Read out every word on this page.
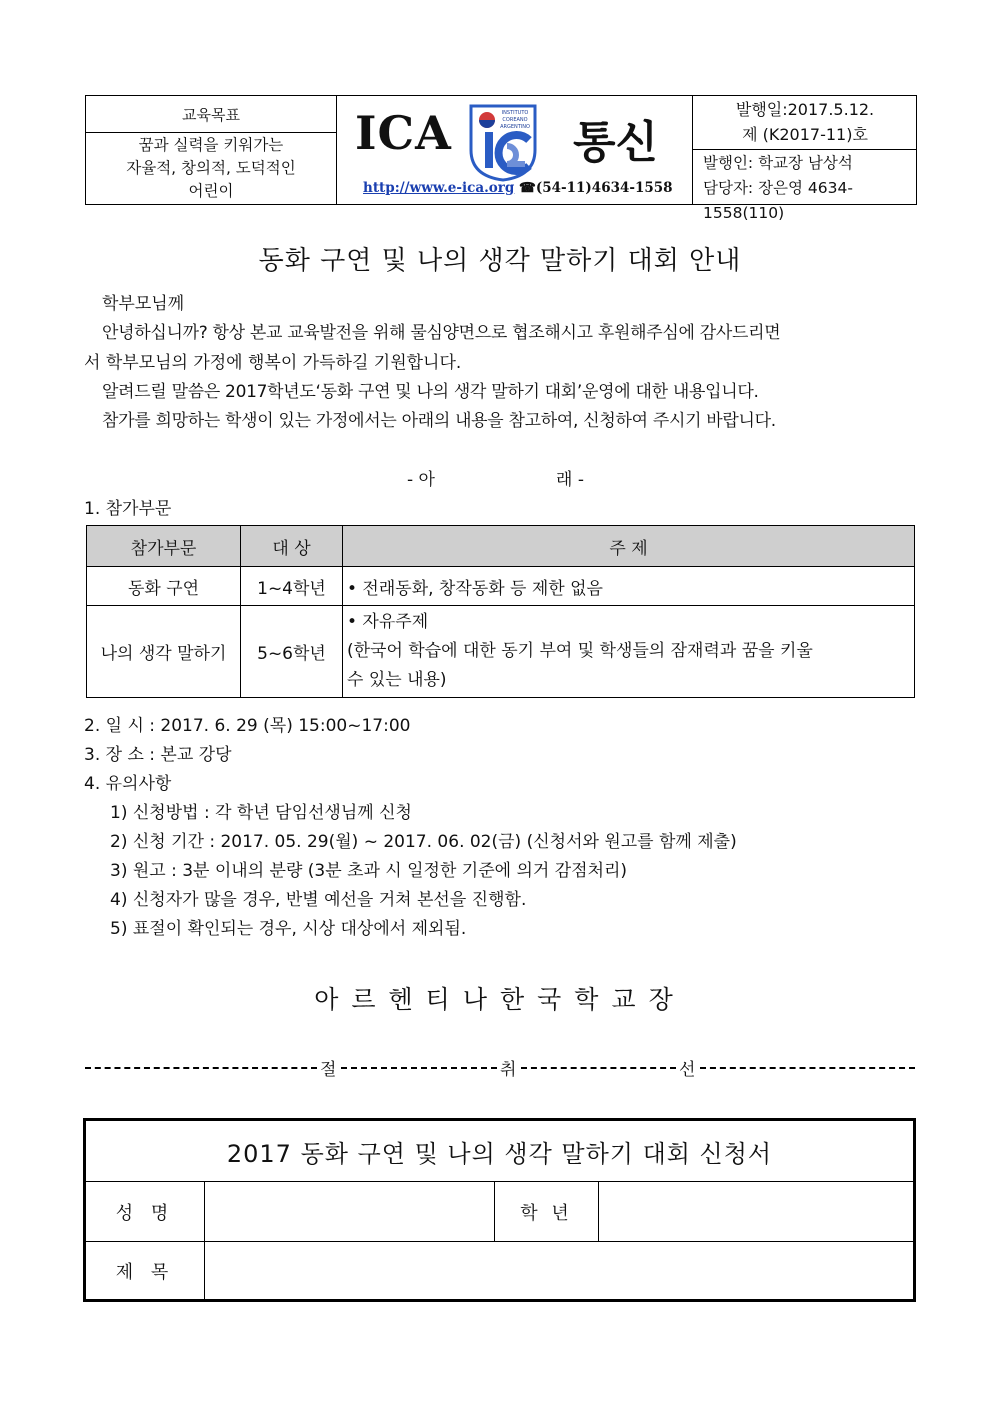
교육목표
꿈과 실력을 키워가는
자율적, 창의적, 도덕적인
어린이
ICA	INSTITUTO
COREANO
ARGENTINO 통신
http://www.e-ica.org ☎(54-11)4634-1558
발행일:2017.5.12.
제 (K2017-11)호
발행인: 학교장 남상석
담당자: 장은영 4634-1558(110)
동화 구연 및 나의 생각 말하기 대회 안내
학부모님께
안녕하십니까? 항상 본교 교육발전을 위해 물심양면으로 협조해시고 후원해주심에 감사드리면
서 학부모님의 가정에 행복이 가득하길 기원합니다.
알려드릴 말씀은 2017학년도‘동화 구연 및 나의 생각 말하기 대회’운영에 대한 내용입니다.
참가를 희망하는 학생이 있는 가정에서는 아래의 내용을 참고하여, 신청하여 주시기 바랍니다.
- 아	래 -
1. 참가부문
참가부문	대 상	주 제
동화 구연	1~4학년	• 전래동화, 창작동화 등 제한 없음
나의 생각 말하기	5~6학년	• 자유주제
(한국어 학습에 대한 동기 부여 및 학생들의 잠재력과 꿈을 키울
수 있는 내용)
2. 일 시 : 2017. 6. 29 (목) 15:00~17:00
3. 장 소 : 본교 강당
4. 유의사항
1) 신청방법 : 각 학년 담임선생님께 신청
2) 신청 기간 : 2017. 05. 29(월) ~ 2017. 06. 02(금) (신청서와 원고를 함께 제출)
3) 원고 : 3분 이내의 분량 (3분 초과 시 일정한 기준에 의거 감점처리)
4) 신청자가 많을 경우, 반별 예선을 거쳐 본선을 진행함.
5) 표절이 확인되는 경우, 시상 대상에서 제외됨.
아르헨티나한국학교장
절	취	선
2017 동화 구연 및 나의 생각 말하기 대회 신청서
성 명	학 년
제 목
